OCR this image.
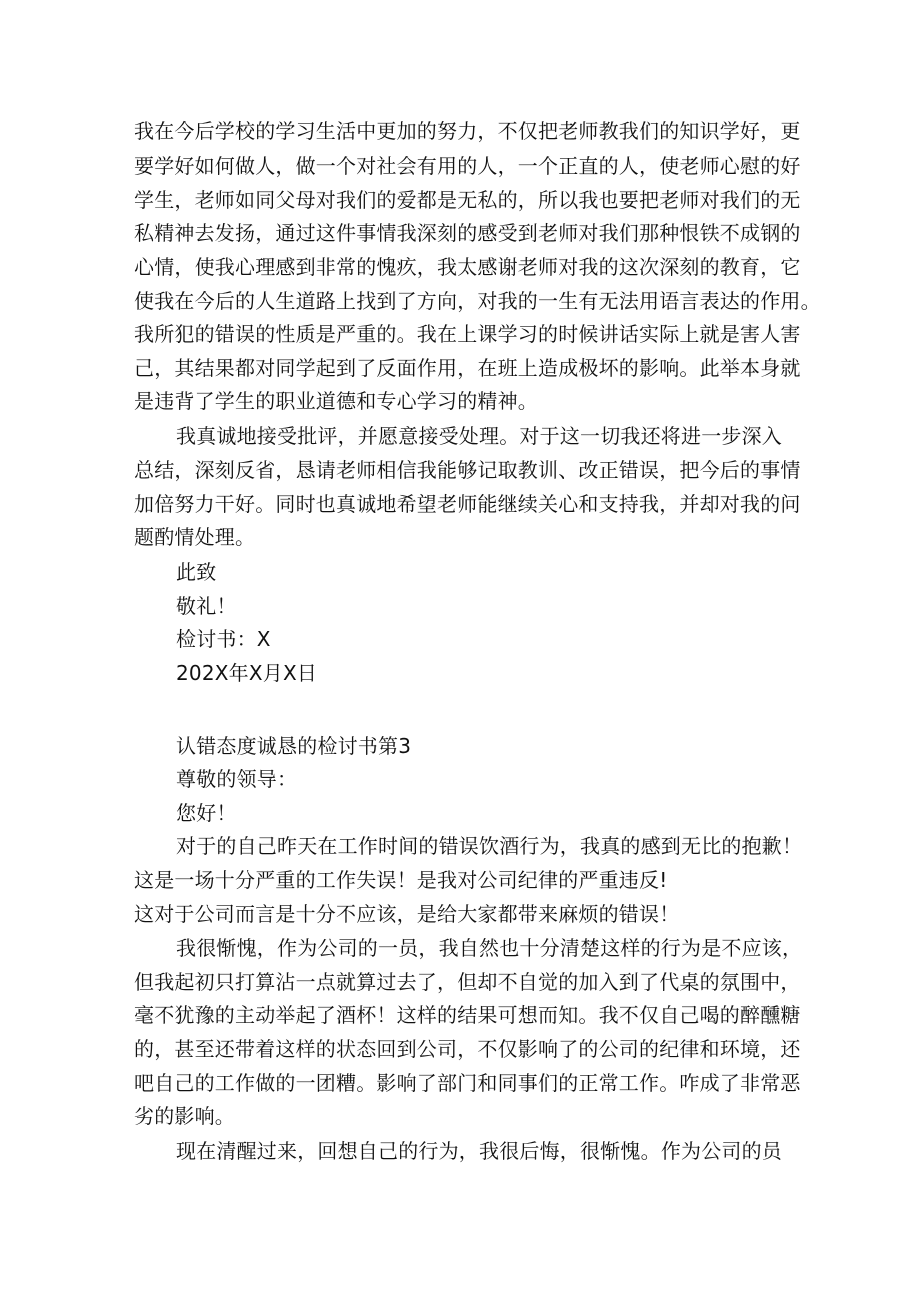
我在今后学校的学习生活中更加的努力，不仅把老师教我们的知识学好，更
要学好如何做人，做一个对社会有用的人，一个正直的人，使老师心慰的好
学生，老师如同父母对我们的爱都是无私的，所以我也要把老师对我们的无
私精神去发扬，通过这件事情我深刻的感受到老师对我们那种恨铁不成钢的
心情，使我心理感到非常的愧疚，我太感谢老师对我的这次深刻的教育，它
使我在今后的人生道路上找到了方向，对我的一生有无法用语言表达的作用。
我所犯的错误的性质是严重的。我在上课学习的时候讲话实际上就是害人害
己，其结果都对同学起到了反面作用，在班上造成极坏的影响。此举本身就
是违背了学生的职业道德和专心学习的精神。
我真诚地接受批评，并愿意接受处理。对于这一切我还将进一步深入
总结，深刻反省，恳请老师相信我能够记取教训、改正错误，把今后的事情
加倍努力干好。同时也真诚地希望老师能继续关心和支持我，并却对我的问
题酌情处理。
此致
敬礼！
检讨书：X
202X年X月X日
认错态度诚恳的检讨书第3
尊敬的领导：
您好！
对于的自己昨天在工作时间的错误饮酒行为，我真的感到无比的抱歉！
这是一场十分严重的工作失误！是我对公司纪律的严重违反!
这对于公司而言是十分不应该，是给大家都带来麻烦的错误！
我很惭愧，作为公司的一员，我自然也十分清楚这样的行为是不应该，
但我起初只打算沾一点就算过去了，但却不自觉的加入到了代桌的氛围中，
毫不犹豫的主动举起了酒杯！这样的结果可想而知。我不仅自己喝的醉醺糖
的，甚至还带着这样的状态回到公司，不仅影响了的公司的纪律和环境，还
吧自己的工作做的一团糟。影响了部门和同事们的正常工作。咋成了非常恶
劣的影响。
现在清醒过来，回想自己的行为，我很后悔，很惭愧。作为公司的员
